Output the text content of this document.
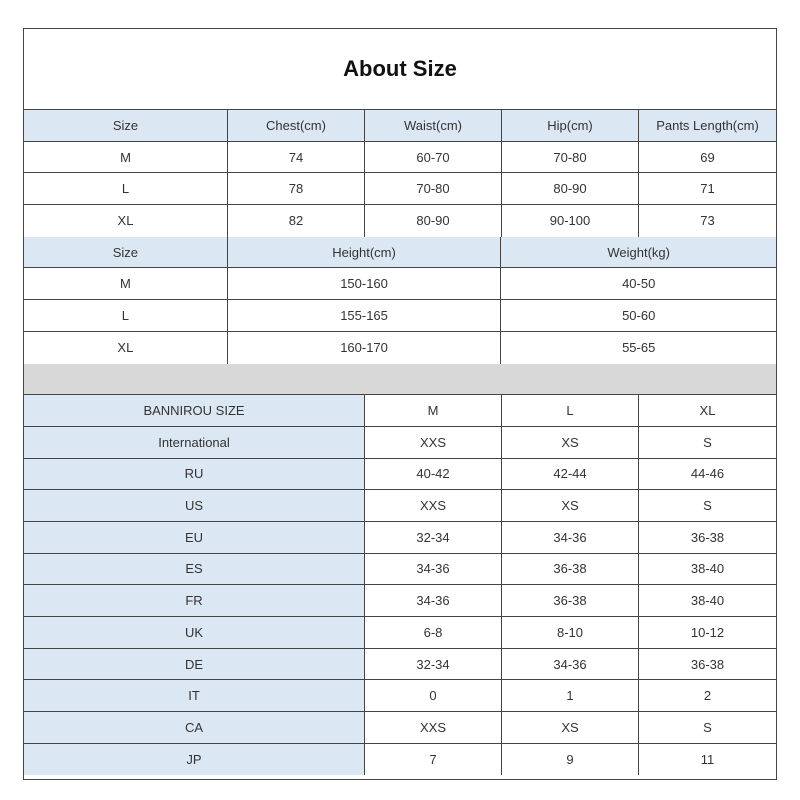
About Size
Size	Chest(cm)	Waist(cm)	Hip(cm)	Pants Length(cm)
M	74	60-70	70-80	69
L	78	70-80	80-90	71
XL	82	80-90	90-100	73
Size	Height(cm)	Weight(kg)
M	150-160	40-50
L	155-165	50-60
XL	160-170	55-65
BANNIROU SIZE	M	L	XL
International	XXS	XS	S
RU	40-42	42-44	44-46
US	XXS	XS	S
EU	32-34	34-36	36-38
ES	34-36	36-38	38-40
FR	34-36	36-38	38-40
UK	6-8	8-10	10-12
DE	32-34	34-36	36-38
IT	0	1	2
CA	XXS	XS	S
JP	7	9	11
